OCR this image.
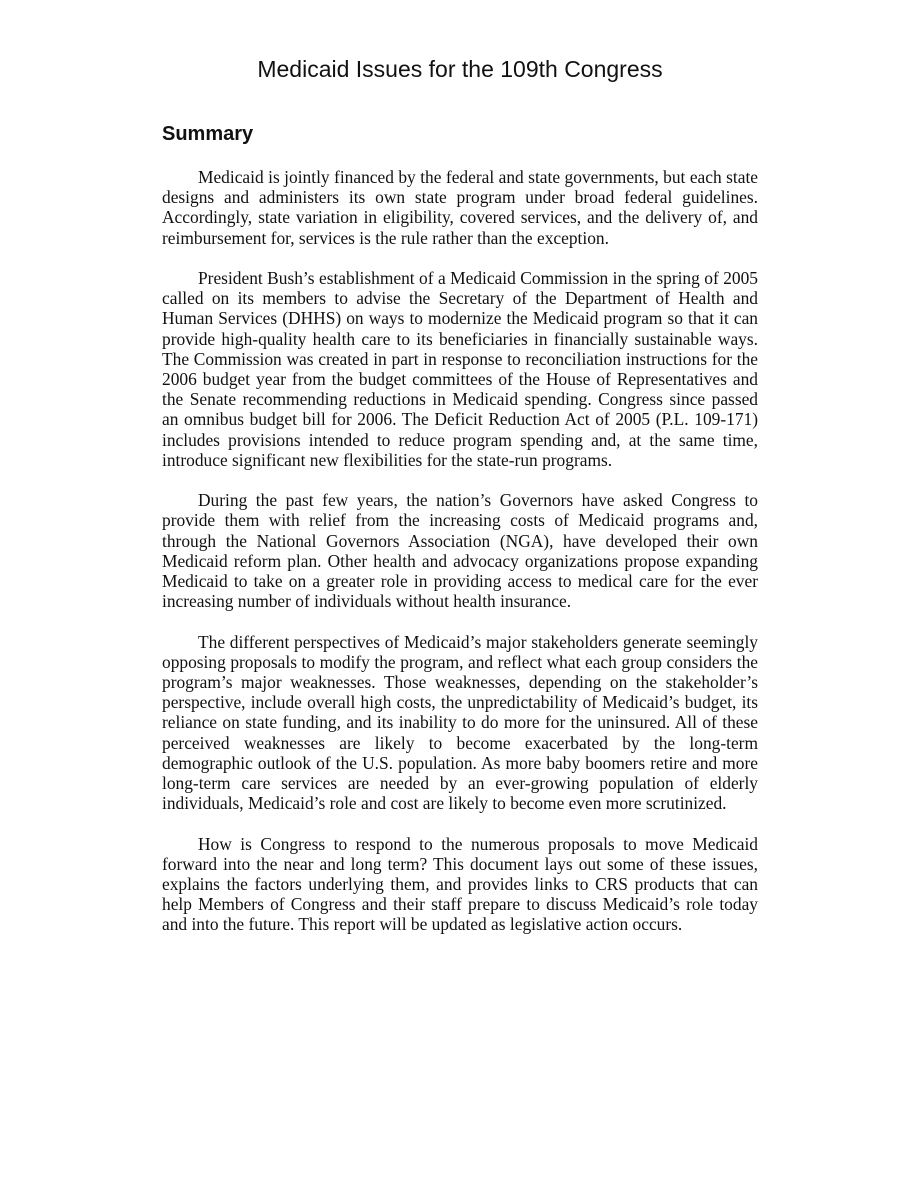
Medicaid Issues for the 109th Congress
Summary

Medicaid is jointly financed by the federal and state governments, but each state designs and administers its own state program under broad federal guidelines. Accordingly, state variation in eligibility, covered services, and the delivery of, and reimbursement for, services is the rule rather than the exception.

President Bush’s establishment of a Medicaid Commission in the spring of 2005 called on its members to advise the Secretary of the Department of Health and Human Services (DHHS) on ways to modernize the Medicaid program so that it can provide high-quality health care to its beneficiaries in financially sustainable ways. The Commission was created in part in response to reconciliation instructions for the 2006 budget year from the budget committees of the House of Representatives and the Senate recommending reductions in Medicaid spending. Congress since passed an omnibus budget bill for 2006. The Deficit Reduction Act of 2005 (P.L. 109-171) includes provisions intended to reduce program spending and, at the same time, introduce significant new flexibilities for the state-run programs.

During the past few years, the nation’s Governors have asked Congress to provide them with relief from the increasing costs of Medicaid programs and, through the National Governors Association (NGA), have developed their own Medicaid reform plan. Other health and advocacy organizations propose expanding Medicaid to take on a greater role in providing access to medical care for the ever increasing number of individuals without health insurance.

The different perspectives of Medicaid’s major stakeholders generate seemingly opposing proposals to modify the program, and reflect what each group considers the program’s major weaknesses. Those weaknesses, depending on the stakeholder’s perspective, include overall high costs, the unpredictability of Medicaid’s budget, its reliance on state funding, and its inability to do more for the uninsured. All of these perceived weaknesses are likely to become exacerbated by the long-term demographic outlook of the U.S. population. As more baby boomers retire and more long-term care services are needed by an ever-growing population of elderly individuals, Medicaid’s role and cost are likely to become even more scrutinized.

How is Congress to respond to the numerous proposals to move Medicaid forward into the near and long term? This document lays out some of these issues, explains the factors underlying them, and provides links to CRS products that can help Members of Congress and their staff prepare to discuss Medicaid’s role today and into the future. This report will be updated as legislative action occurs.
